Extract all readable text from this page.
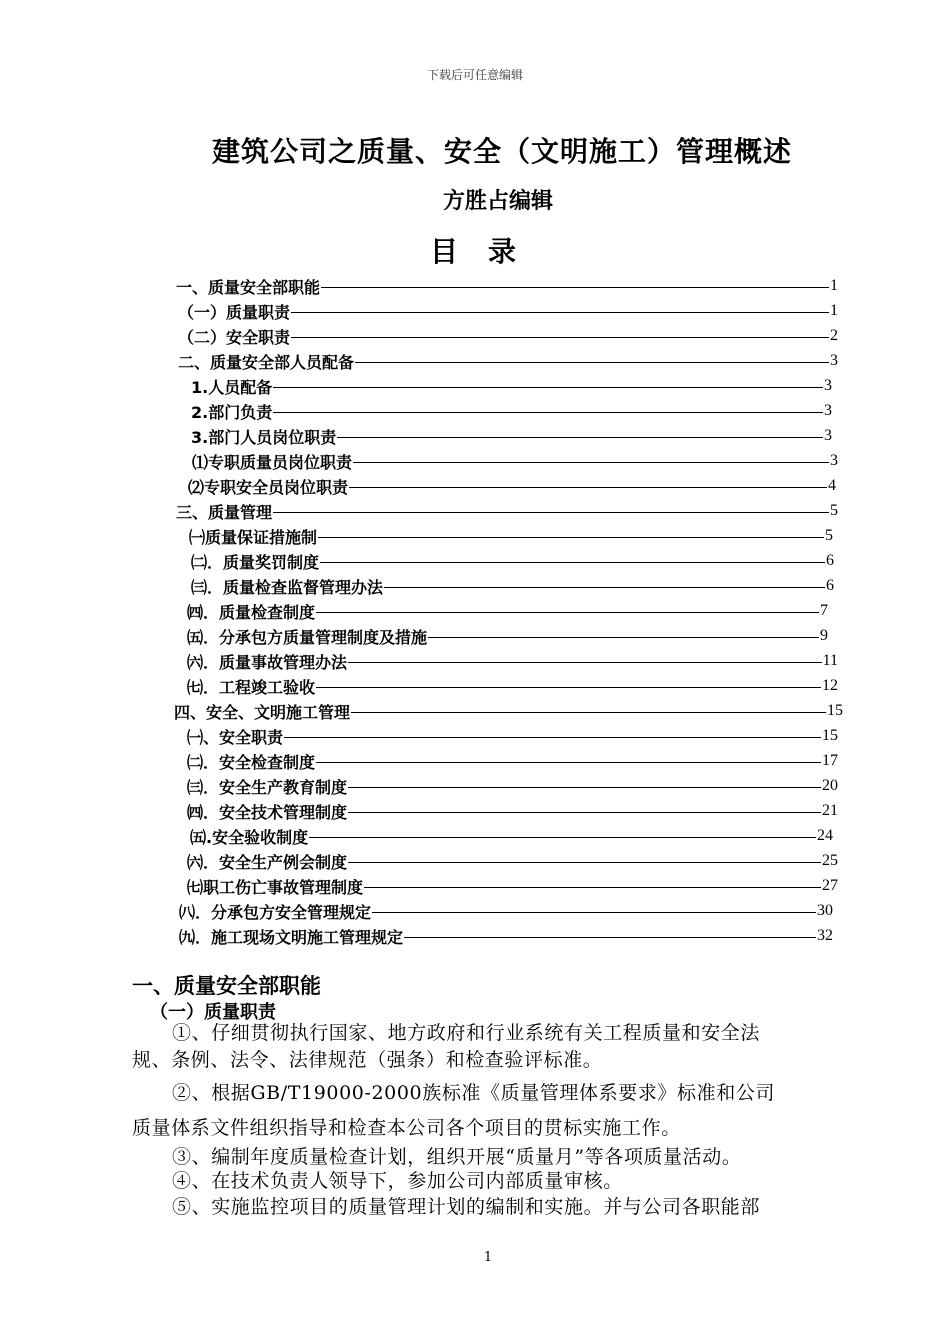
下载后可任意编辑
建筑公司之质量、安全（文明施工）管理概述
方胜占编辑
目录
一、质量安全部职能	1
（一）质量职责	1
（二）安全职责	2
二、质量安全部人员配备	3
1.人员配备	3
2.部门负责	3
3.部门人员岗位职责	3
⑴专职质量员岗位职责	3
⑵专职安全员岗位职责	4
三、质量管理	5
㈠质量保证措施制	5
㈡．质量奖罚制度	6
㈢．质量检查监督管理办法	6
㈣．质量检查制度	7
㈤．分承包方质量管理制度及措施	9
㈥．质量事故管理办法	11
㈦．工程竣工验收	12
四、安全、文明施工管理	15
㈠、安全职责	15
㈡．安全检查制度	17
㈢．安全生产教育制度	20
㈣．安全技术管理制度	21
㈤.安全验收制度	24
㈥．安全生产例会制度	25
㈦职工伤亡事故管理制度	27
㈧．分承包方安全管理规定	30
㈨．施工现场文明施工管理规定	32
一、质量安全部职能
（一）质量职责
①、仔细贯彻执行国家、地方政府和行业系统有关工程质量和安全法
规、条例、法令、法律规范（强条）和检查验评标准。
②、根据GB/T19000-2000族标准《质量管理体系要求》标准和公司
质量体系文件组织指导和检查本公司各个项目的贯标实施工作。
③、编制年度质量检查计划，组织开展“质量月”等各项质量活动。
④、在技术负责人领导下，参加公司内部质量审核。
⑤、实施监控项目的质量管理计划的编制和实施。并与公司各职能部
1
